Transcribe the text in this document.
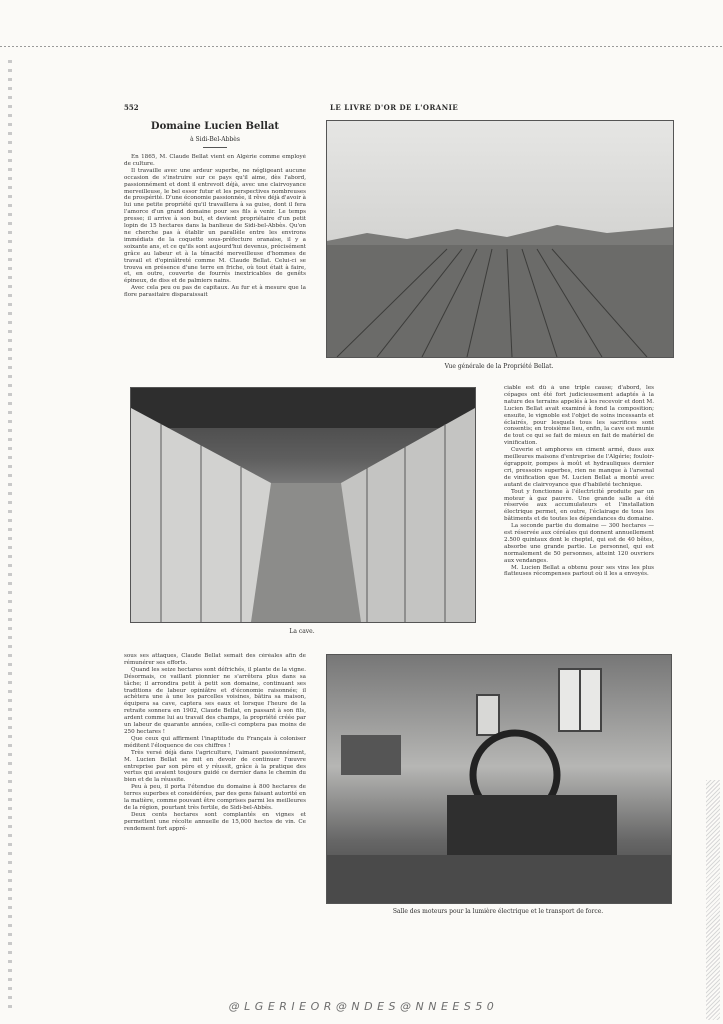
552	LE LIVRE D'OR DE L'ORANIE
Domaine Lucien Bellat
à Sidi-Bel-Abbès

En 1865, M. Claude Bellat vient en Algérie comme employé de culture.

Il travaille avec une ardeur superbe, ne négligeant aucune occasion de s'instruire sur ce pays qu'il aime, dès l'abord, passionnément et dont il entrevoit déjà, avec une clairvoyance merveilleuse, le bel essor futur et les perspectives nombreuses de prospérité. D'une économie passionnée, il rêve déjà d'avoir à lui une petite propriété qu'il travaillera à sa guise, dont il fera l'amorce d'un grand domaine pour ses fils à venir. Le temps presse; il arrive à son but, et devient propriétaire d'un petit lopin de 15 hectares dans la banlieue de Sidi-bel-Abbès. Qu'on ne cherche pas à établir un parallèle entre les environs immédiats de la coquette sous-préfecture oranaise, il y a soixante ans, et ce qu'ils sont aujourd'hui devenus, précisément grâce au labeur et à la ténacité merveilleuse d'hommes de travail et d'opiniâtreté comme M. Claude Bellat. Celui-ci se trouva en présence d'une terre en friche, où tout était à faire, et, en outre, couverte de fourrés inextricables de genêts épineux, de diss et de palmiers nains.

Avec cela peu ou pas de capitaux. Au fur et à mesure que la flore parasitaire disparaissait

Vue générale de la Propriété Bellat.

La cave.

ciable est dû à une triple cause; d'abord, les cépages ont été fort judicieusement adaptés à la nature des terrains appelés à les recevoir et dont M. Lucien Bellat avait examiné à fond la composition; ensuite, le vignoble est l'objet de soins incessants et éclairés, pour lesquels tous les sacrifices sont consentis; en troisième lieu, enfin, la cave est munie de tout ce qui se fait de mieux en fait de matériel de vinification.

Cuverie et amphores en ciment armé, dues aux meilleures maisons d'entreprise de l'Algérie; fouloir-égrappoir, pompes à moût et hydrauliques dernier cri, pressoirs superbes, rien ne manque à l'arsenal de vinification que M. Lucien Bellat a monté avec autant de clairvoyance que d'habileté technique.

Tout y fonctionne à l'électricité produite par un moteur à gaz pauvre. Une grande salle a été réservée aux accumulateurs et l'installation électrique permet, en outre, l'éclairage de tous les bâtiments et de toutes les dépendances du domaine.

La seconde partie du domaine — 300 hectares — est réservée aux céréales qui donnent annuellement 2.500 quintaux dont le cheptel, qui est de 40 bêtes, absorbe une grande partie. Le personnel, qui est normalement de 50 personnes, atteint 120 ouvriers aux vendanges.

M. Lucien Bellat a obtenu pour ses vins les plus flatteuses récompenses partout où il les a envoyés.

sous ses attaques, Claude Bellat semait des céréales afin de rémunérer ses efforts.

Quand les seize hectares sont défrichés, il plante de la vigne. Désormais, ce vaillant pionnier ne s'arrêtera plus dans sa tâche; il arrondira petit à petit son domaine, continuant ses traditions de labeur opiniâtre et d'économie raisonnée; il achètera une à une les parcelles voisines, bâtira sa maison, équipera sa cave, captera ses eaux et lorsque l'heure de la retraite sonnera en 1902, Claude Bellat, en passant à son fils, ardent comme lui au travail des champs, la propriété créée par un labeur de quarante années, celle-ci comptera pas moins de 250 hectares !

Que ceux qui affirment l'inaptitude du Français à coloniser méditent l'éloquence de ces chiffres !

Très versé déjà dans l'agriculture, l'aimant passionnément, M. Lucien Bellat se mit en devoir de continuer l'œuvre entreprise par son père et y réussit, grâce à la pratique des vertus qui avaient toujours guidé ce dernier dans le chemin du bien et de la réussite.

Peu à peu, il porta l'étendue du domaine à 800 hectares de terres superbes et considérées, par des gens faisant autorité en la matière, comme pouvant être comprises parmi les meilleures de la région, pourtant très fertile, de Sidi-bel-Abbès.

Deux cents hectares sont complantés en vignes et permettent une récolte annuelle de 15,000 hectos de vin. Ce rendement fort appré-

Salle des moteurs pour la lumière électrique et le transport de force.

@ L G E R I E O R @ N D E S @ N N E E S 5 0
